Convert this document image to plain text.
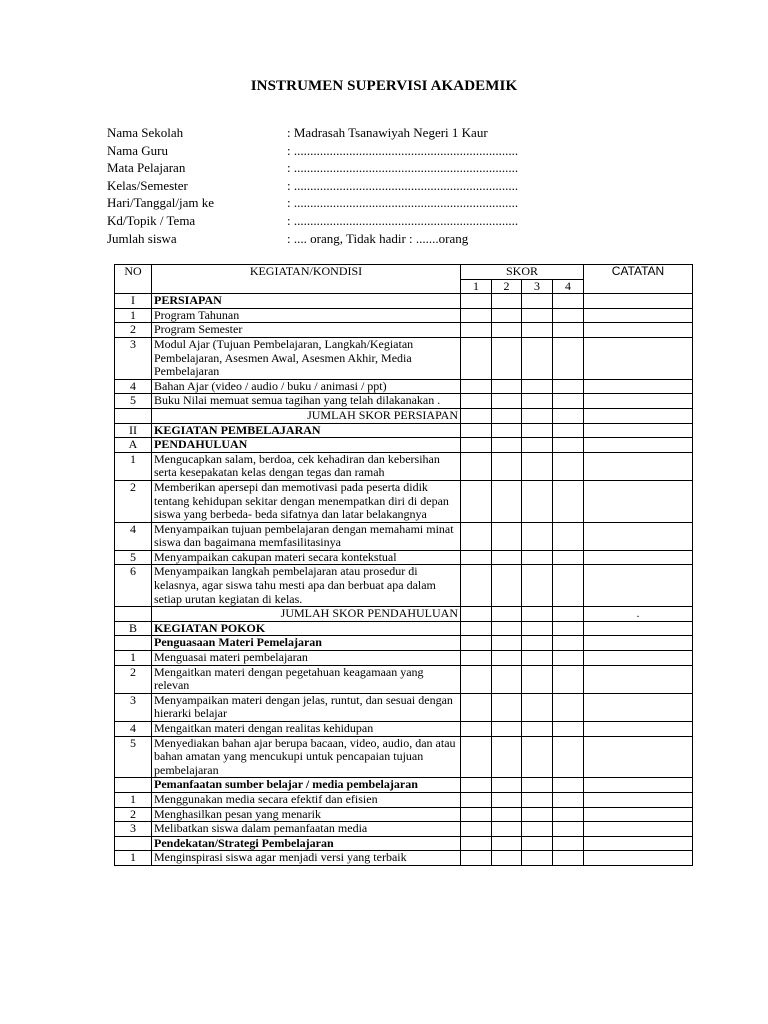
INSTRUMEN SUPERVISI AKADEMIK
Nama Sekolah	: Madrasah Tsanawiyah Negeri 1 Kaur
Nama Guru	: .....................................................................
Mata Pelajaran	: .....................................................................
Kelas/Semester	: .....................................................................
Hari/Tanggal/jam ke	: .....................................................................
Kd/Topik / Tema	: .....................................................................
Jumlah siswa	: .... orang, Tidak hadir : .......orang
NO	KEGIATAN/KONDISI	SKOR				CATATAN
		1	2	3	4	
I	PERSIAPAN					
1	Program Tahunan					
2	Program Semester					
3	Modul Ajar (Tujuan Pembelajaran, Langkah/Kegiatan Pembelajaran, Asesmen Awal, Asesmen Akhir, Media Pembelajaran					
4	Bahan Ajar (video / audio / buku / animasi / ppt)					
5	Buku Nilai memuat semua tagihan yang telah dilakanakan .					
	JUMLAH SKOR PERSIAPAN					
II	KEGIATAN PEMBELAJARAN					
A	PENDAHULUAN					
1	Mengucapkan salam, berdoa, cek kehadiran dan kebersihan serta kesepakatan kelas dengan tegas dan ramah					
2	Memberikan apersepi dan memotivasi pada peserta didik tentang kehidupan sekitar dengan menempatkan diri di depan siswa yang berbeda- beda sifatnya dan latar belakangnya					
4	Menyampaikan tujuan pembelajaran dengan memahami minat siswa dan bagaimana memfasilitasinya					
5	Menyampaikan cakupan materi secara kontekstual					
6	Menyampaikan langkah pembelajaran atau prosedur di kelasnya, agar siswa tahu mesti apa dan berbuat apa dalam setiap urutan kegiatan di kelas.					
	JUMLAH SKOR PENDAHULUAN					.
B	KEGIATAN POKOK					
	Penguasaan Materi Pemelajaran					
1	Menguasai materi pembelajaran					
2	Mengaitkan materi dengan pegetahuan keagamaan yang relevan					
3	Menyampaikan materi dengan jelas, runtut, dan sesuai dengan hierarki belajar					
4	Mengaitkan materi dengan realitas kehidupan					
5	Menyediakan bahan ajar berupa bacaan, video, audio, dan atau bahan amatan yang mencukupi untuk pencapaian tujuan pembelajaran					
	Pemanfaatan sumber belajar / media pembelajaran					
1	Menggunakan media secara efektif dan efisien					
2	Menghasilkan pesan yang menarik					
3	Melibatkan siswa dalam pemanfaatan media					
	Pendekatan/Strategi Pembelajaran					
1	Menginspirasi siswa agar menjadi versi yang terbaik					
